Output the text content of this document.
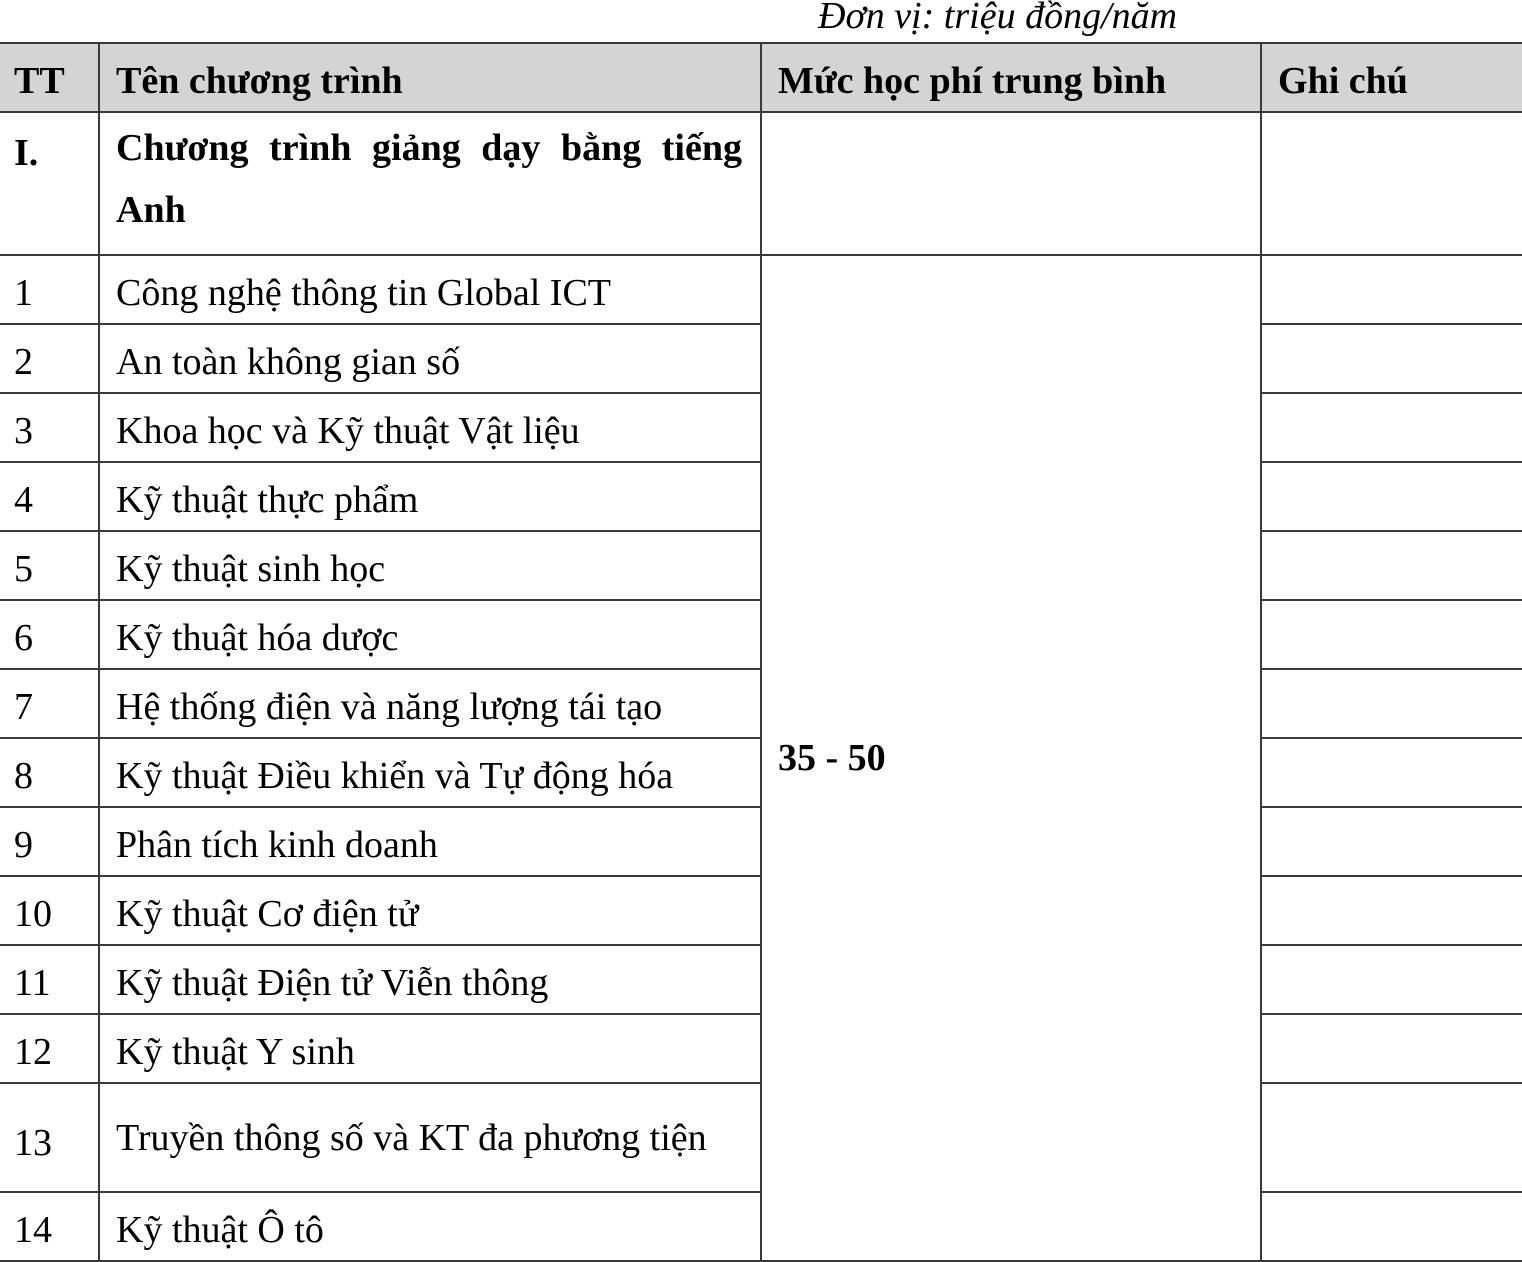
Đơn vị: triệu đồng/năm
TT	Tên chương trình	Mức học phí trung bình	Ghi chú
I.	Chương trình giảng dạy bằng tiếng Anh		
1	Công nghệ thông tin Global ICT	35 - 50	
2	An toàn không gian số		
3	Khoa học và Kỹ thuật Vật liệu		
4	Kỹ thuật thực phẩm		
5	Kỹ thuật sinh học		
6	Kỹ thuật hóa dược		
7	Hệ thống điện và năng lượng tái tạo		
8	Kỹ thuật Điều khiển và Tự động hóa		
9	Phân tích kinh doanh		
10	Kỹ thuật Cơ điện tử		
11	Kỹ thuật Điện tử Viễn thông		
12	Kỹ thuật Y sinh		
13	Truyền thông số và KT đa phương tiện		
14	Kỹ thuật Ô tô		
